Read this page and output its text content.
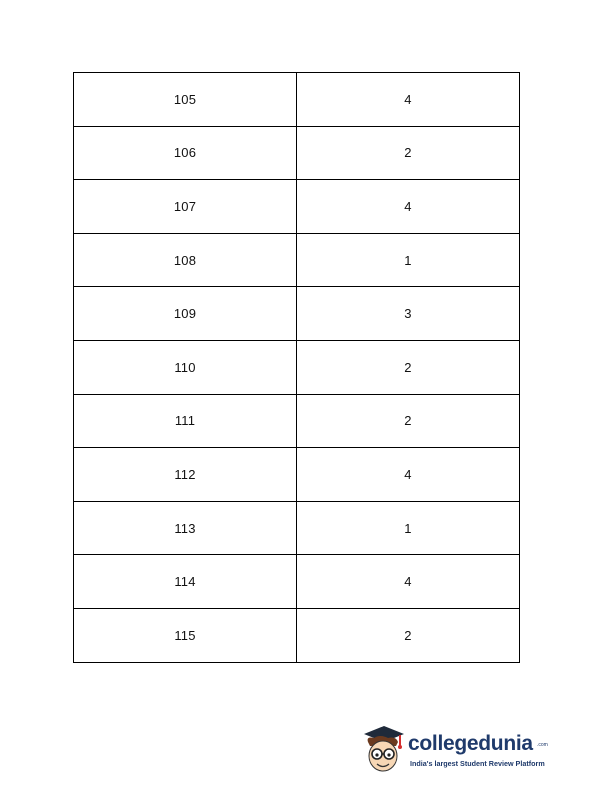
105	4
106	2
107	4
108	1
109	3
110	2
111	2
112	4
113	1
114	4
115	2
collegedunia .com
India's largest Student Review Platform
